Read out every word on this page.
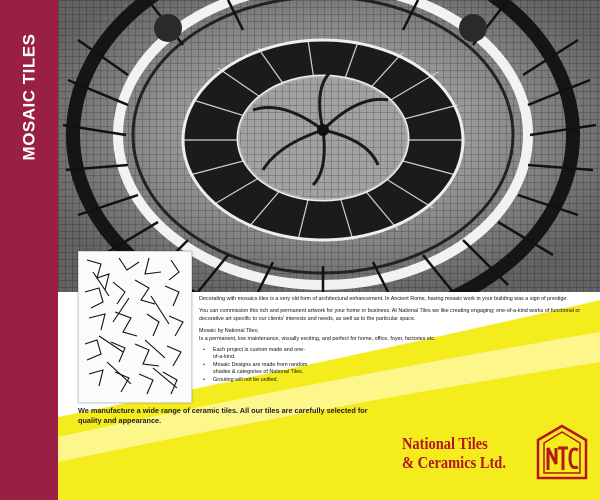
MOSAIC TILES

Decorating with mosaics tiles is a very old form of architectural enhancement. In Ancient Rome, having mosaic work in your building was a sign of prestige.

You can commission this rich and permanent artwork for your home or business. At National Tiles we like creating engaging; one-of-a-kind works of functional or decorative art specific to our clients' interests and needs, as well as to the particular space.

Mosaic by National Tiles;
Is a permanent, low maintenance, visually exciting, and perfect for home, office, foyer, factories etc.
• Each project is custom made and one-of-a-kind.
• Mosaic Designs are made from random shades & categories of National Tiles.
• Grouting will not be unified.
We manufacture a wide range of ceramic tiles. All our tiles are carefully selected for quality and appearance.
National Tiles
& Ceramics Ltd.
